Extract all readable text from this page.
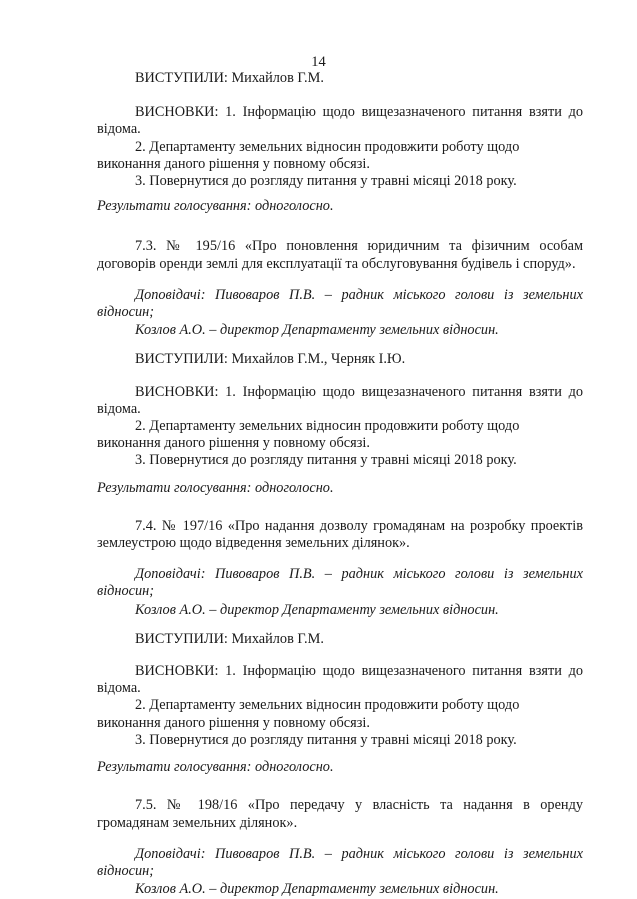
14

ВИСТУПИЛИ: Михайлов Г.М.

ВИСНОВКИ: 1. Інформацію щодо вищезазначеного питання взяти до
відома.
2. Департаменту земельних відносин продовжити роботу щодо
виконання даного рішення у повному обсязі.
3. Повернутися до розгляду питання у травні місяці 2018 року.

Результати голосування: одноголосно.

7.3. № 195/16 «Про поновлення юридичним та фізичним особам договорів оренди землі для експлуатації та обслуговування будівель і споруд».

Доповідачі: Пивоваров П.В. – радник міського голови із земельних відносин;

Козлов А.О. – директор Департаменту земельних відносин.

ВИСТУПИЛИ: Михайлов Г.М., Черняк І.Ю.

ВИСНОВКИ: 1. Інформацію щодо вищезазначеного питання взяти до
відома.
2. Департаменту земельних відносин продовжити роботу щодо
виконання даного рішення у повному обсязі.
3. Повернутися до розгляду питання у травні місяці 2018 року.

Результати голосування: одноголосно.

7.4. № 197/16 «Про надання дозволу громадянам на розробку проектів землеустрою щодо відведення земельних ділянок».

Доповідачі: Пивоваров П.В. – радник міського голови із земельних відносин;

Козлов А.О. – директор Департаменту земельних відносин.

ВИСТУПИЛИ: Михайлов Г.М.

ВИСНОВКИ: 1. Інформацію щодо вищезазначеного питання взяти до
відома.
2. Департаменту земельних відносин продовжити роботу щодо
виконання даного рішення у повному обсязі.
3. Повернутися до розгляду питання у травні місяці 2018 року.

Результати голосування: одноголосно.

7.5. № 198/16 «Про передачу у власність та надання в оренду громадянам земельних ділянок».

Доповідачі: Пивоваров П.В. – радник міського голови із земельних відносин;

Козлов А.О. – директор Департаменту земельних відносин.
